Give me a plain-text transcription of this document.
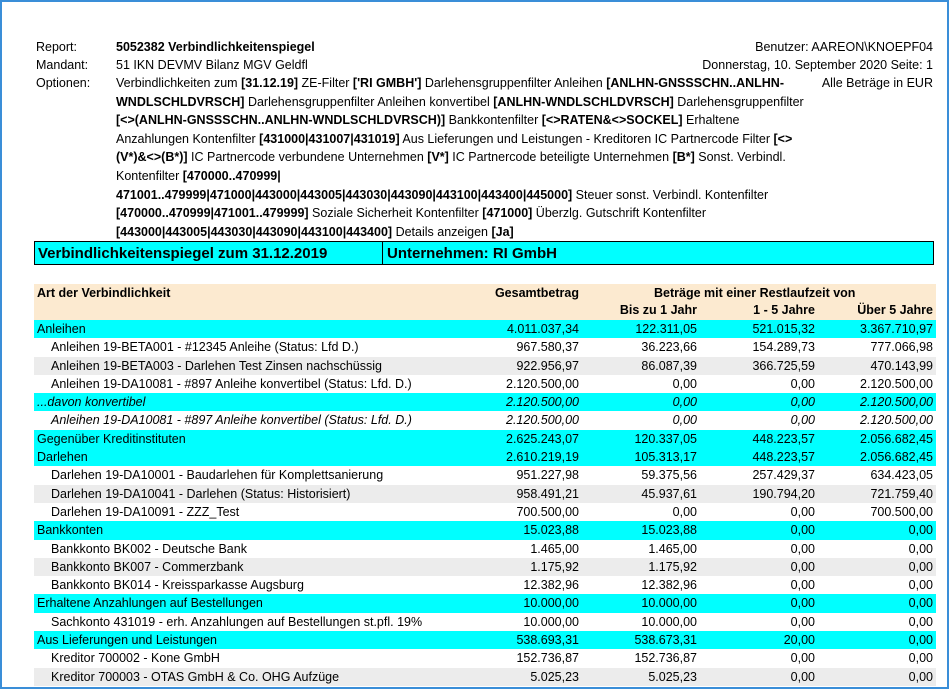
Report:	5052382 Verbindlichkeitenspiegel	Benutzer: AAREON\KNOEPF04
Mandant:	51 IKN DEVMV Bilanz MGV Geldfl	Donnerstag, 10. September 2020 Seite: 1
Optionen:	Verbindlichkeiten zum [31.12.19] ZE-Filter ['RI GMBH'] Darlehensgruppenfilter Anleihen [ANLHN-GNSSSCHN..ANLHN-WNDLSCHLDVRSCH] Darlehensgruppenfilter Anleihen konvertibel [ANLHN-WNDLSCHLDVRSCH] Darlehensgruppenfilter [<>(ANLHN-GNSSSCHN..ANLHN-WNDLSCHLDVRSCH)] Bankkontenfilter [<>RATEN&<>SOCKEL] Erhaltene Anzahlungen Kontenfilter [431000|431007|431019] Aus Lieferungen und Leistungen - Kreditoren IC Partnercode Filter [<>(V*)&<>(B*)] IC Partnercode verbundene Unternehmen [V*] IC Partnercode beteiligte Unternehmen [B*] Sonst. Verbindl. Kontenfilter [470000..470999|
471001..479999|471000|443000|443005|443030|443090|443100|443400|445000] Steuer sonst. Verbindl. Kontenfilter [470000..470999|471001..479999] Soziale Sicherheit Kontenfilter [471000] Überzlg. Gutschrift Kontenfilter [443000|443005|443030|443090|443100|443400] Details anzeigen [Ja]
Alle Beträge in EUR
Verbindlichkeitenspiegel zum 31.12.2019	Unternehmen: RI GmbH
Art der Verbindlichkeit	Gesamtbetrag	Beträge mit einer Restlaufzeit von
Bis zu 1 Jahr	1 - 5 Jahre	Über 5 Jahre
Anleihen	4.011.037,34	122.311,05	521.015,32	3.367.710,97
Anleihen 19-BETA001 - #12345 Anleihe (Status: Lfd D.)	967.580,37	36.223,66	154.289,73	777.066,98
Anleihen 19-BETA003 - Darlehen Test Zinsen nachschüssig	922.956,97	86.087,39	366.725,59	470.143,99
Anleihen 19-DA10081 - #897 Anleihe konvertibel (Status: Lfd. D.)	2.120.500,00	0,00	0,00	2.120.500,00
...davon konvertibel	2.120.500,00	0,00	0,00	2.120.500,00
Anleihen 19-DA10081 - #897 Anleihe konvertibel (Status: Lfd. D.)	2.120.500,00	0,00	0,00	2.120.500,00
Gegenüber Kreditinstituten	2.625.243,07	120.337,05	448.223,57	2.056.682,45
Darlehen	2.610.219,19	105.313,17	448.223,57	2.056.682,45
Darlehen 19-DA10001 - Baudarlehen für Komplettsanierung	951.227,98	59.375,56	257.429,37	634.423,05
Darlehen 19-DA10041 - Darlehen (Status: Historisiert)	958.491,21	45.937,61	190.794,20	721.759,40
Darlehen 19-DA10091 - ZZZ_Test	700.500,00	0,00	0,00	700.500,00
Bankkonten	15.023,88	15.023,88	0,00	0,00
Bankkonto BK002 - Deutsche Bank	1.465,00	1.465,00	0,00	0,00
Bankkonto BK007 - Commerzbank	1.175,92	1.175,92	0,00	0,00
Bankkonto BK014 - Kreissparkasse Augsburg	12.382,96	12.382,96	0,00	0,00
Erhaltene Anzahlungen auf Bestellungen	10.000,00	10.000,00	0,00	0,00
Sachkonto 431019 - erh. Anzahlungen auf Bestellungen st.pfl. 19%	10.000,00	10.000,00	0,00	0,00
Aus Lieferungen und Leistungen	538.693,31	538.673,31	20,00	0,00
Kreditor 700002 - Kone GmbH	152.736,87	152.736,87	0,00	0,00
Kreditor 700003 - OTAS GmbH & Co. OHG Aufzüge	5.025,23	5.025,23	0,00	0,00
